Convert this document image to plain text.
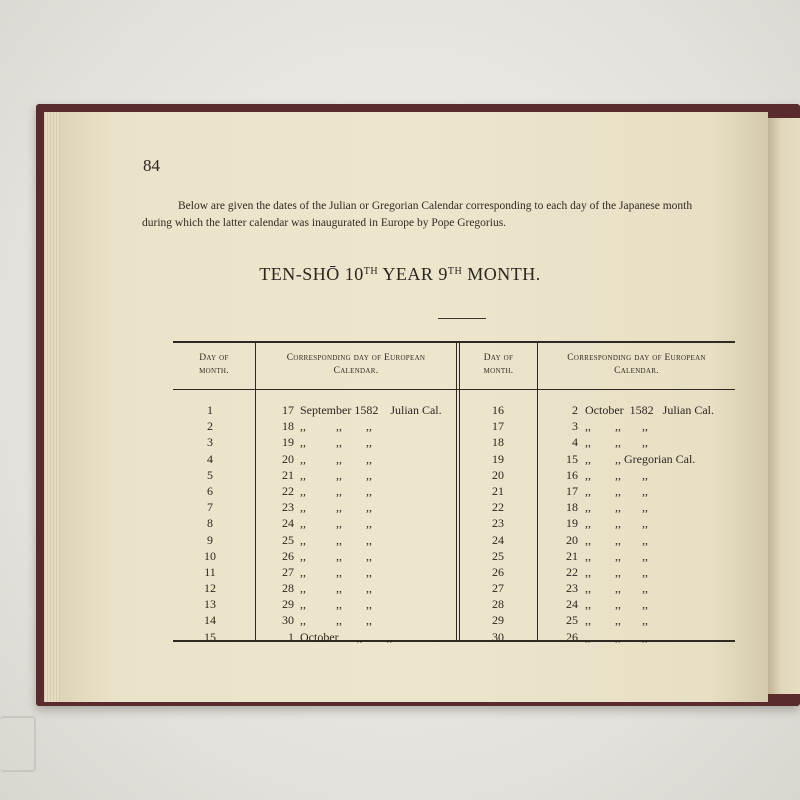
84
Below are given the dates of the Julian or Gregorian Calendar corresponding to each day of the Japanese month
during which the latter calendar was inaugurated in Europe by Pope Gregorius.
TEN-SHŌ 10TH YEAR 9TH MONTH.
Day of
month.
Corresponding day of European
Calendar.
Day of
month.
Corresponding day of European
Calendar.
1	17 September 1582    Julian Cal.	16	2 October  1582   Julian Cal.
2	18 ,,          ,,        ,,	17	3 ,,        ,,       ,,
3	19 ,,          ,,        ,,	18	4 ,,        ,,       ,,
4	20 ,,          ,,        ,,	19	15 ,,        ,, Gregorian Cal.
5	21 ,,          ,,        ,,	20	16 ,,        ,,       ,,
6	22 ,,          ,,        ,,	21	17 ,,        ,,       ,,
7	23 ,,          ,,        ,,	22	18 ,,        ,,       ,,
8	24 ,,          ,,        ,,	23	19 ,,        ,,       ,,
9	25 ,,          ,,        ,,	24	20 ,,        ,,       ,,
10	26 ,,          ,,        ,,	25	21 ,,        ,,       ,,
11	27 ,,          ,,        ,,	26	22 ,,        ,,       ,,
12	28 ,,          ,,        ,,	27	23 ,,        ,,       ,,
13	29 ,,          ,,        ,,	28	24 ,,        ,,       ,,
14	30 ,,          ,,        ,,	29	25 ,,        ,,       ,,
15	1 October      ,,        ,,	30	26 ,,        ,,       ,,
